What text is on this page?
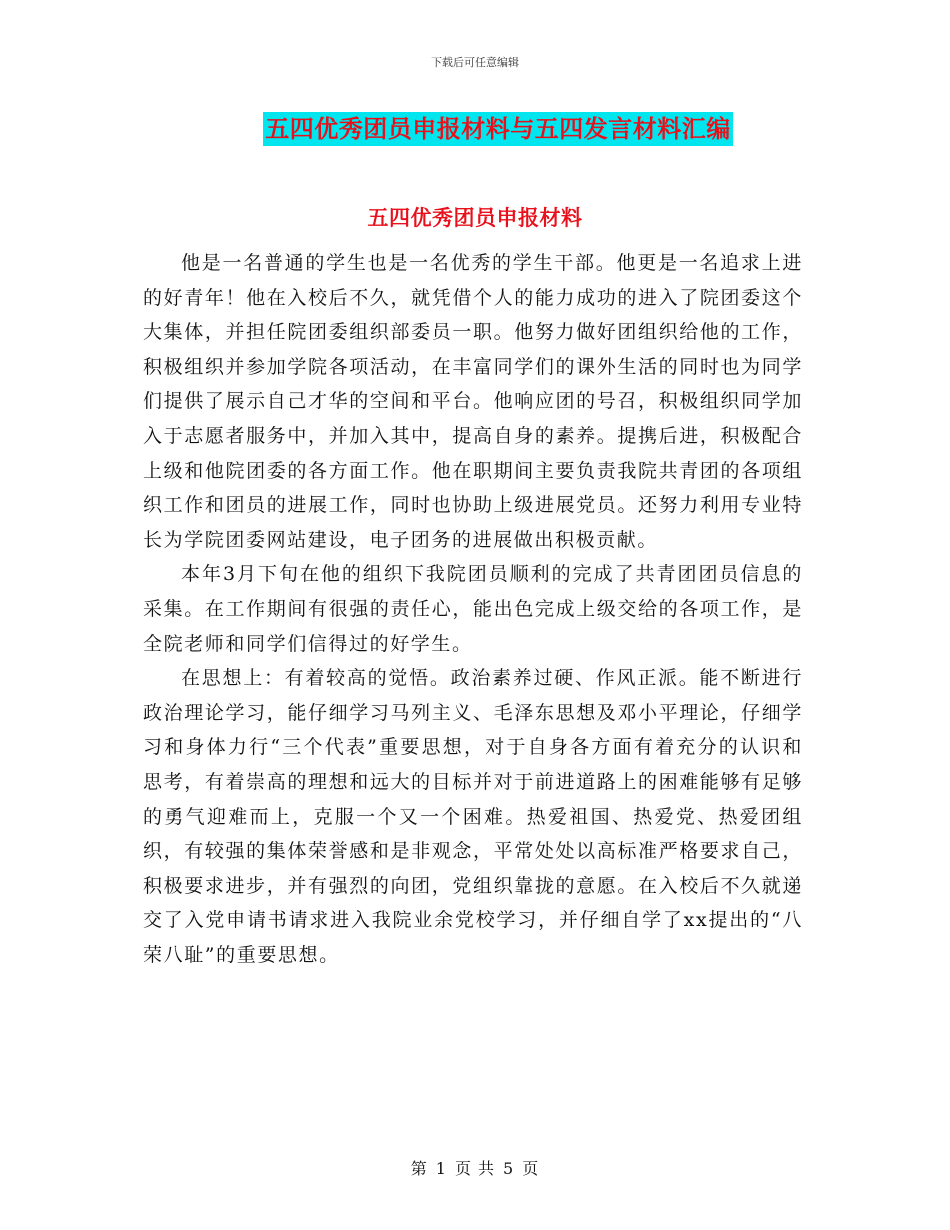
下载后可任意编辑
五四优秀团员申报材料与五四发言材料汇编
五四优秀团员申报材料

他是一名普通的学生也是一名优秀的学生干部。他更是一名追求上进的好青年！他在入校后不久，就凭借个人的能力成功的进入了院团委这个大集体，并担任院团委组织部委员一职。他努力做好团组织给他的工作，积极组织并参加学院各项活动，在丰富同学们的课外生活的同时也为同学们提供了展示自己才华的空间和平台。他响应团的号召，积极组织同学加入于志愿者服务中，并加入其中，提高自身的素养。提携后进，积极配合上级和他院团委的各方面工作。他在职期间主要负责我院共青团的各项组织工作和团员的进展工作，同时也协助上级进展党员。还努力利用专业特长为学院团委网站建设，电子团务的进展做出积极贡献。

本年3月下旬在他的组织下我院团员顺利的完成了共青团团员信息的采集。在工作期间有很强的责任心，能出色完成上级交给的各项工作，是全院老师和同学们信得过的好学生。

在思想上：有着较高的觉悟。政治素养过硬、作风正派。能不断进行政治理论学习，能仔细学习马列主义、毛泽东思想及邓小平理论，仔细学习和身体力行“三个代表”重要思想，对于自身各方面有着充分的认识和思考，有着崇高的理想和远大的目标并对于前进道路上的困难能够有足够的勇气迎难而上，克服一个又一个困难。热爱祖国、热爱党、热爱团组织，有较强的集体荣誉感和是非观念，平常处处以高标准严格要求自己，积极要求进步，并有强烈的向团，党组织靠拢的意愿。在入校后不久就递交了入党申请书请求进入我院业余党校学习，并仔细自学了xx提出的“八荣八耻”的重要思想。

第 1 页 共 5 页
